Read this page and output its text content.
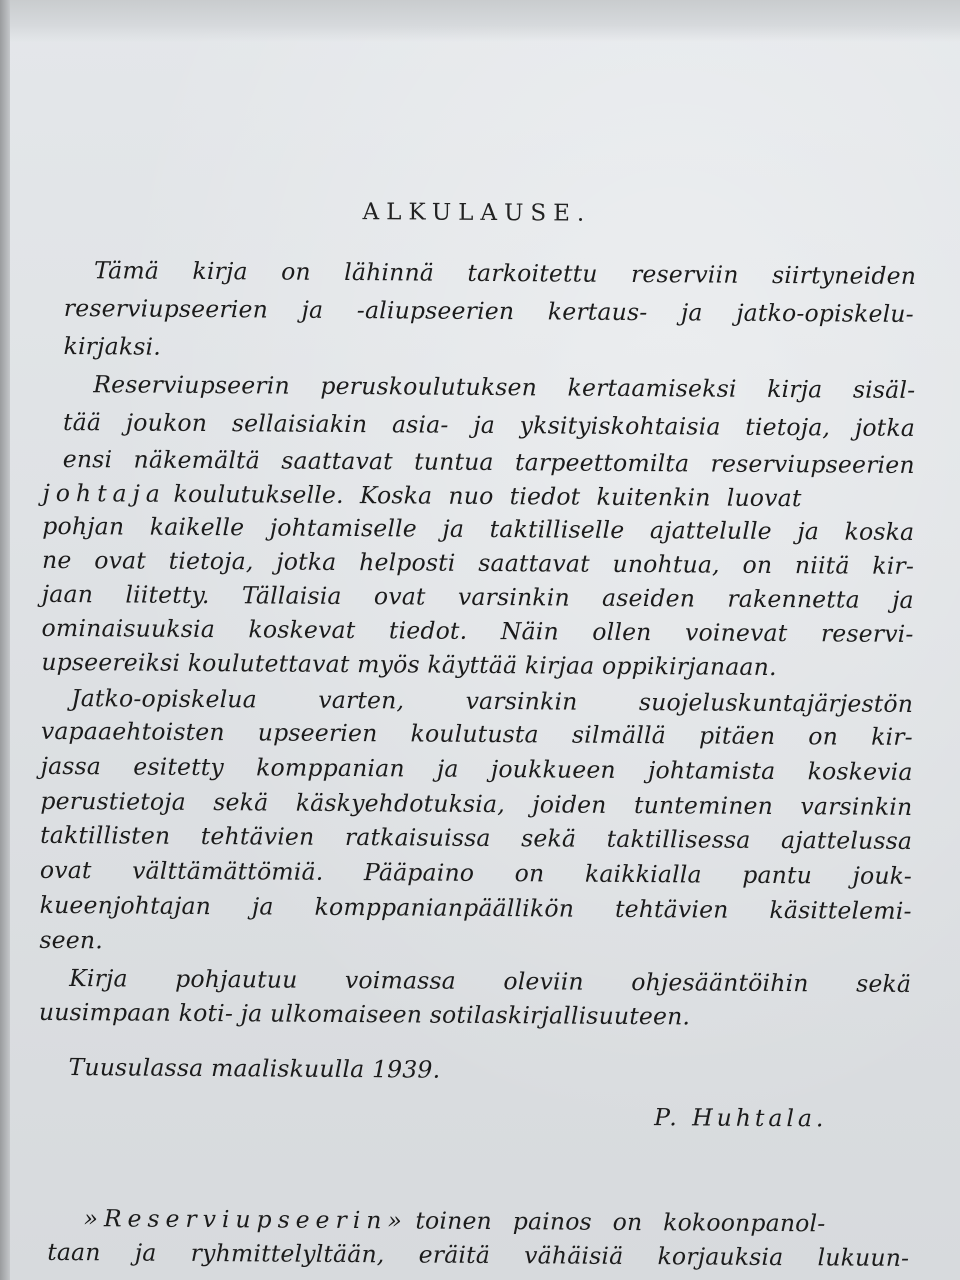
ALKULAUSE.
Tämä kirja on lähinnä tarkoitettu reserviin siirtyneiden
reserviupseerien ja -aliupseerien kertaus- ja jatko-opiskelu-
kirjaksi.
Reserviupseerin peruskoulutuksen kertaamiseksi kirja sisäl-
tää joukon sellaisiakin asia- ja yksityiskohtaisia tietoja, jotka
ensi näkemältä saattavat tuntua tarpeettomilta reserviupseerien
johtaja koulutukselle. Koska nuo tiedot kuitenkin luovat
pohjan kaikelle johtamiselle ja taktilliselle ajattelulle ja koska
ne ovat tietoja, jotka helposti saattavat unohtua, on niitä kir-
jaan liitetty. Tällaisia ovat varsinkin aseiden rakennetta ja
ominaisuuksia koskevat tiedot. Näin ollen voinevat reservi-
upseereiksi koulutettavat myös käyttää kirjaa oppikirjanaan.
Jatko-opiskelua varten, varsinkin suojeluskuntajärjestön
vapaaehtoisten upseerien koulutusta silmällä pitäen on kir-
jassa esitetty komppanian ja joukkueen johtamista koskevia
perustietoja sekä käskyehdotuksia, joiden tunteminen varsinkin
taktillisten tehtävien ratkaisuissa sekä taktillisessa ajattelussa
ovat välttämättömiä. Pääpaino on kaikkialla pantu jouk-
kueenjohtajan ja komppanianpäällikön tehtävien käsittelemi-
seen.
Kirja pohjautuu voimassa oleviin ohjesääntöihin sekä
uusimpaan koti- ja ulkomaiseen sotilaskirjallisuuteen.
Tuusulassa maaliskuulla 1939.
P. Huhtala.
»Reserviupseerin» toinen painos on kokoonpanol-
taan ja ryhmittelyltään, eräitä vähäisiä korjauksia lukuun-
